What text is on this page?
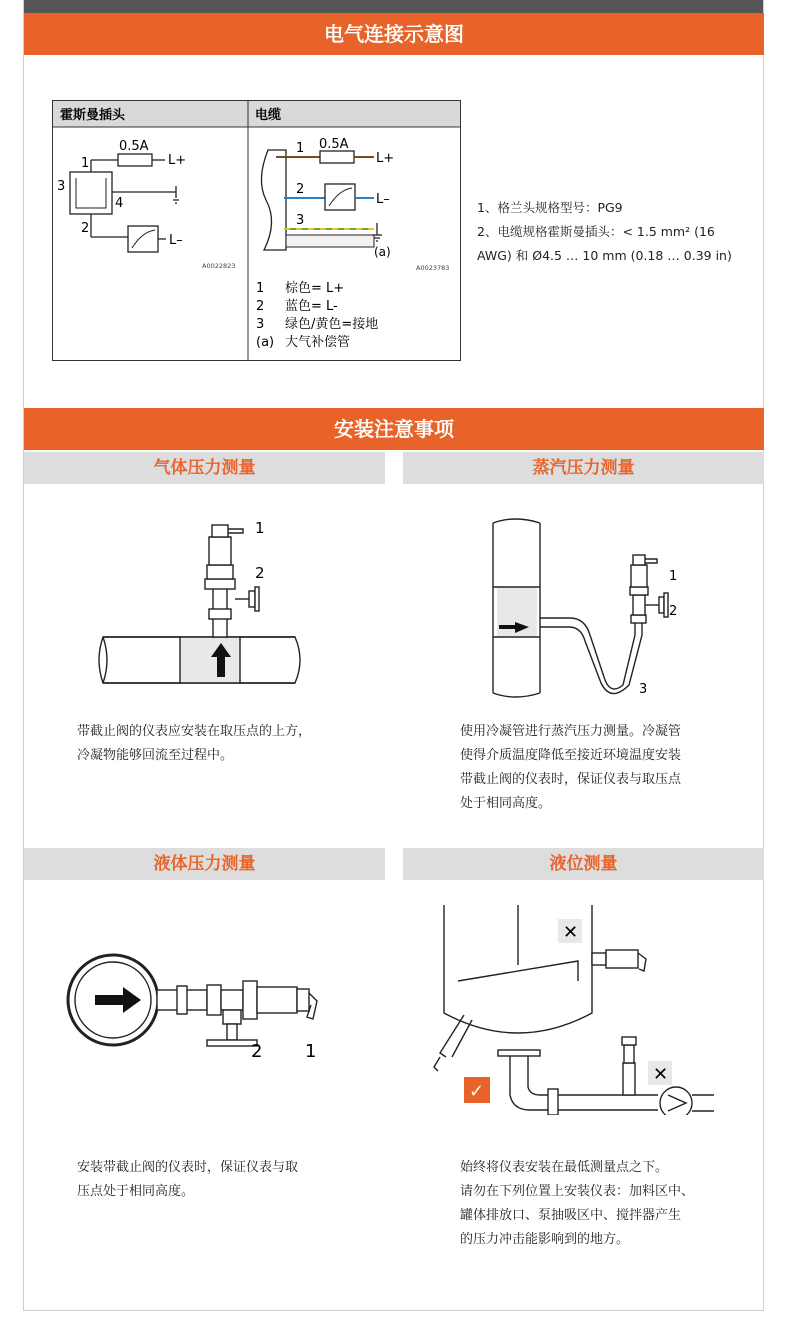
电气连接示意图
霍斯曼插头	电缆
0.5A
L+
L–
1
2
3
4
A0022823
0.5A
L+
L–
1
2
3
(a)
A0023783
1 棕色= L+
2 蓝色= L-
3 绿色/黄色=接地
(a) 大气补偿管

1、格兰头规格型号：PG9

2、电缆规格霍斯曼插头：< 1.5 mm² (16

AWG) 和 Ø4.5 … 10 mm (0.18 … 0.39 in)

安装注意事项
气体压力测量	蒸汽压力测量
液体压力测量	液位测量
1
2	1
2
3
2 1
✕
✓
✕

带截止阀的仪表应安装在取压点的上方，

冷凝物能够回流至过程中。

使用冷凝管进行蒸汽压力测量。冷凝管

使得介质温度降低至接近环境温度安装

带截止阀的仪表时，保证仪表与取压点

处于相同高度。

安装带截止阀的仪表时，保证仪表与取

压点处于相同高度。

始终将仪表安装在最低测量点之下。

请勿在下列位置上安装仪表：加料区中、

罐体排放口、泵抽吸区中、搅拌器产生

的压力冲击能影响到的地方。
